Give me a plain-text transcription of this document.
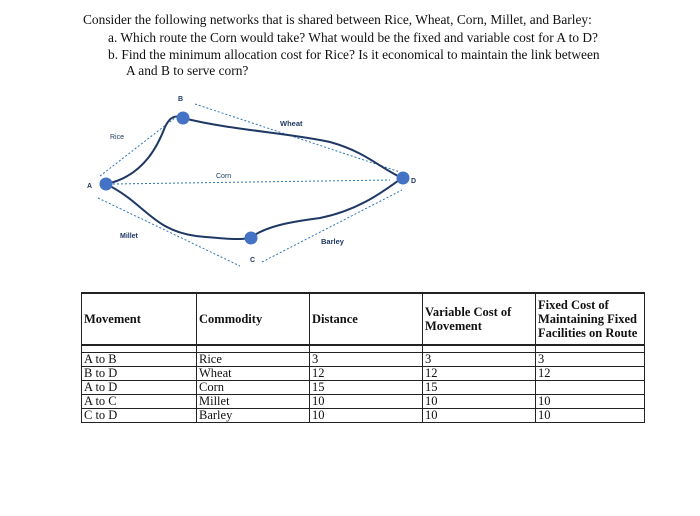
Consider the following networks that is shared between Rice, Wheat, Corn, Millet, and Barley:
a. Which route the Corn would take? What would be the fixed and variable cost for A to D?
b. Find the minimum allocation cost for Rice? Is it economical to maintain the link between
A and B to serve corn?
A
B
C
D
Rice
Wheat
Corn
Millet
Barley
Movement	Commodity	Distance	Variable Cost of Movement	Fixed Cost of Maintaining Fixed Facilities on Route

A to B	Rice	3	3	3
B to D	Wheat	12	12	12
A to D	Corn	15	15	
A to C	Millet	10	10	10
C to D	Barley	10	10	10
